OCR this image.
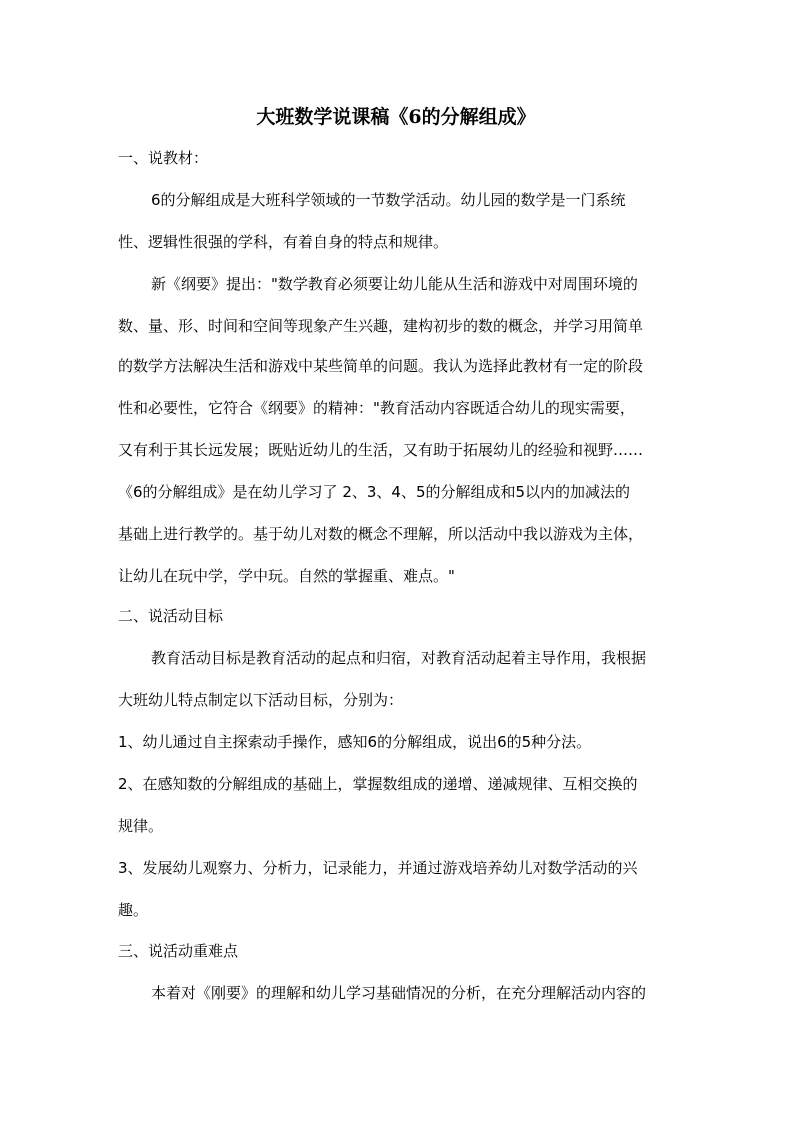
大班数学说课稿《6的分解组成》
一、说教材：
6的分解组成是大班科学领域的一节数学活动。幼儿园的数学是一门系统
性、逻辑性很强的学科，有着自身的特点和规律。
新《纲要》提出："数学教育必须要让幼儿能从生活和游戏中对周围环境的
数、量、形、时间和空间等现象产生兴趣，建构初步的数的概念，并学习用简单
的数学方法解决生活和游戏中某些简单的问题。我认为选择此教材有一定的阶段
性和必要性，它符合《纲要》的精神："教育活动内容既适合幼儿的现实需要，
又有利于其长远发展；既贴近幼儿的生活，又有助于拓展幼儿的经验和视野……
《6的分解组成》是在幼儿学习了 2、3、4、5的分解组成和5以内的加减法的
基础上进行教学的。基于幼儿对数的概念不理解，所以活动中我以游戏为主体，
让幼儿在玩中学，学中玩。自然的掌握重、难点。"
二、说活动目标
教育活动目标是教育活动的起点和归宿，对教育活动起着主导作用，我根据
大班幼儿特点制定以下活动目标，分别为：
1、幼儿通过自主探索动手操作，感知6的分解组成，说出6的5种分法。
2、在感知数的分解组成的基础上，掌握数组成的递增、递减规律、互相交换的
规律。
3、发展幼儿观察力、分析力，记录能力，并通过游戏培养幼儿对数学活动的兴
趣。
三、说活动重难点
本着对《刚要》的理解和幼儿学习基础情况的分析，在充分理解活动内容的
